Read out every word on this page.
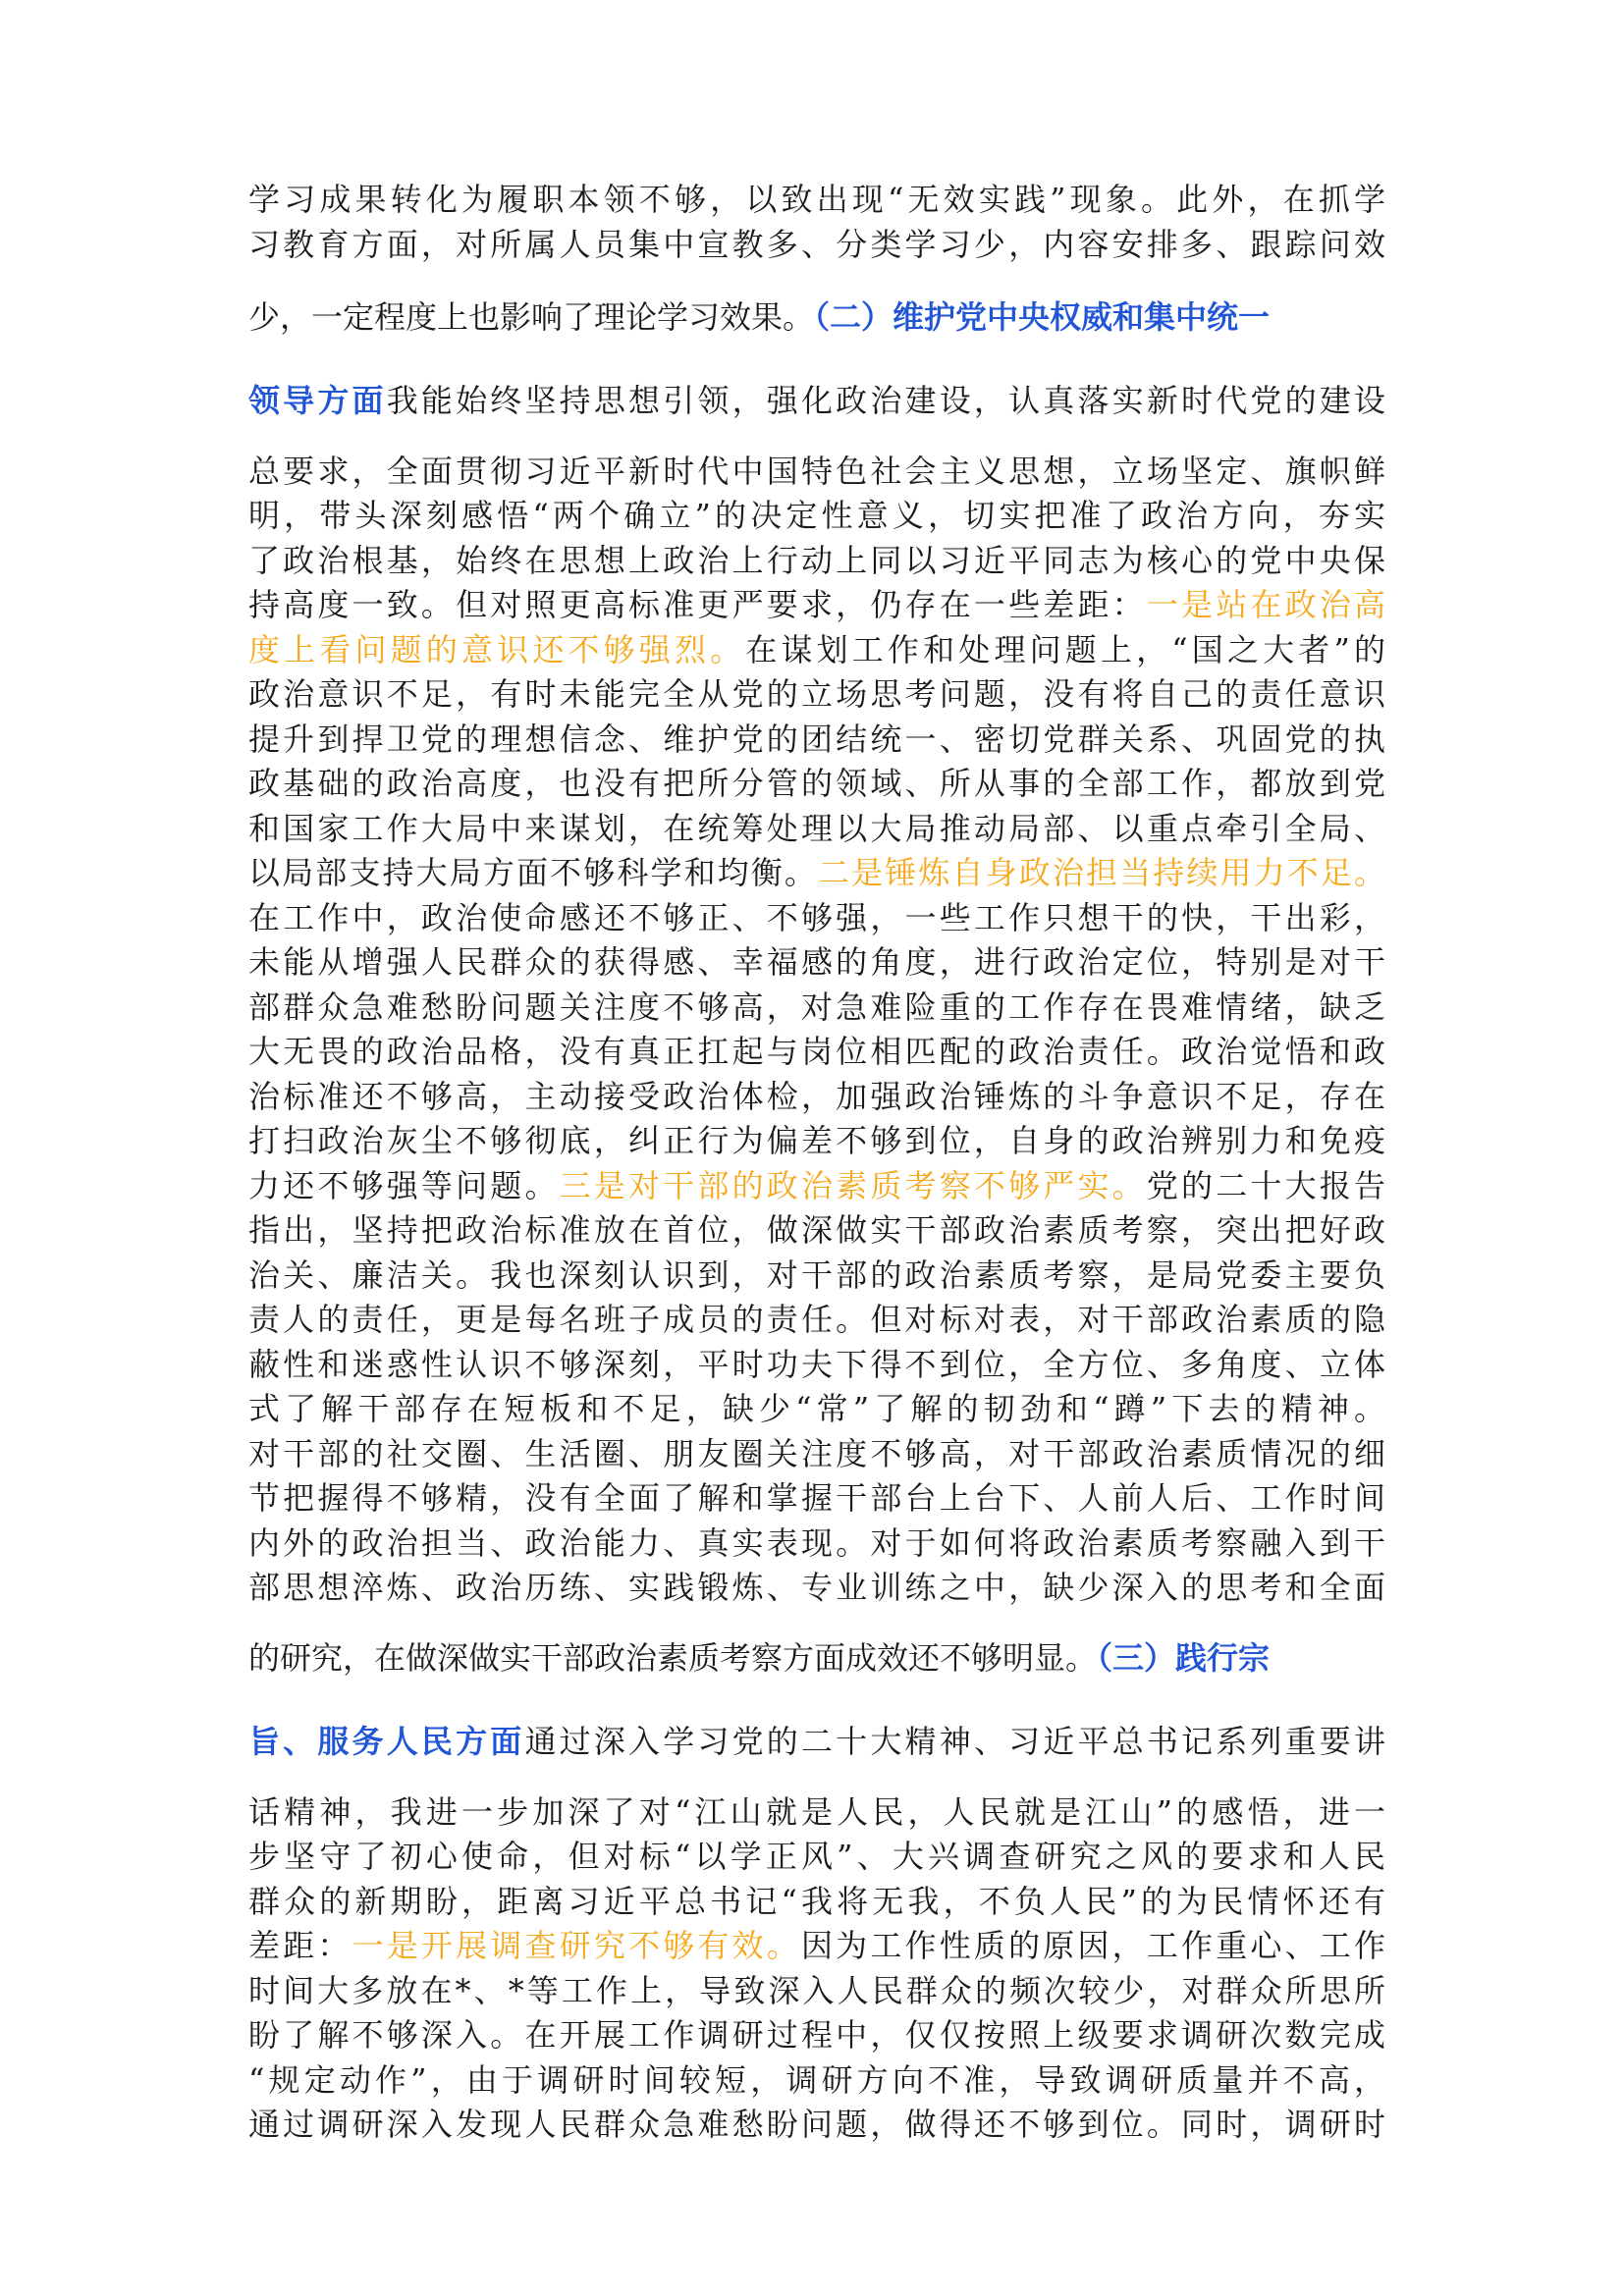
学习成果转化为履职本领不够，以致出现“无效实践”现象。此外，在抓学
习教育方面，对所属人员集中宣教多、分类学习少，内容安排多、跟踪问效
少，一定程度上也影响了理论学习效果。（二）维护党中央权威和集中统一
领导方面我能始终坚持思想引领，强化政治建设，认真落实新时代党的建设
总要求，全面贯彻习近平新时代中国特色社会主义思想，立场坚定、旗帜鲜
明，带头深刻感悟“两个确立”的决定性意义，切实把准了政治方向，夯实
了政治根基，始终在思想上政治上行动上同以习近平同志为核心的党中央保
持高度一致。但对照更高标准更严要求，仍存在一些差距：一是站在政治高
度上看问题的意识还不够强烈。在谋划工作和处理问题上，“国之大者”的
政治意识不足，有时未能完全从党的立场思考问题，没有将自己的责任意识
提升到捍卫党的理想信念、维护党的团结统一、密切党群关系、巩固党的执
政基础的政治高度，也没有把所分管的领域、所从事的全部工作，都放到党
和国家工作大局中来谋划，在统筹处理以大局推动局部、以重点牵引全局、
以局部支持大局方面不够科学和均衡。二是锤炼自身政治担当持续用力不足。
在工作中，政治使命感还不够正、不够强，一些工作只想干的快，干出彩，
未能从增强人民群众的获得感、幸福感的角度，进行政治定位，特别是对干
部群众急难愁盼问题关注度不够高，对急难险重的工作存在畏难情绪，缺乏
大无畏的政治品格，没有真正扛起与岗位相匹配的政治责任。政治觉悟和政
治标准还不够高，主动接受政治体检，加强政治锤炼的斗争意识不足，存在
打扫政治灰尘不够彻底，纠正行为偏差不够到位，自身的政治辨别力和免疫
力还不够强等问题。三是对干部的政治素质考察不够严实。党的二十大报告
指出，坚持把政治标准放在首位，做深做实干部政治素质考察，突出把好政
治关、廉洁关。我也深刻认识到，对干部的政治素质考察，是局党委主要负
责人的责任，更是每名班子成员的责任。但对标对表，对干部政治素质的隐
蔽性和迷惑性认识不够深刻，平时功夫下得不到位，全方位、多角度、立体
式了解干部存在短板和不足，缺少“常”了解的韧劲和“蹲”下去的精神。
对干部的社交圈、生活圈、朋友圈关注度不够高，对干部政治素质情况的细
节把握得不够精，没有全面了解和掌握干部台上台下、人前人后、工作时间
内外的政治担当、政治能力、真实表现。对于如何将政治素质考察融入到干
部思想淬炼、政治历练、实践锻炼、专业训练之中，缺少深入的思考和全面
的研究，在做深做实干部政治素质考察方面成效还不够明显。（三）践行宗
旨、服务人民方面通过深入学习党的二十大精神、习近平总书记系列重要讲
话精神，我进一步加深了对“江山就是人民，人民就是江山”的感悟，进一
步坚守了初心使命，但对标“以学正风”、大兴调查研究之风的要求和人民
群众的新期盼，距离习近平总书记“我将无我，不负人民”的为民情怀还有
差距：一是开展调查研究不够有效。因为工作性质的原因，工作重心、工作
时间大多放在*、*等工作上，导致深入人民群众的频次较少，对群众所思所
盼了解不够深入。在开展工作调研过程中，仅仅按照上级要求调研次数完成
“规定动作”，由于调研时间较短，调研方向不准，导致调研质量并不高，
通过调研深入发现人民群众急难愁盼问题，做得还不够到位。同时，调研时
